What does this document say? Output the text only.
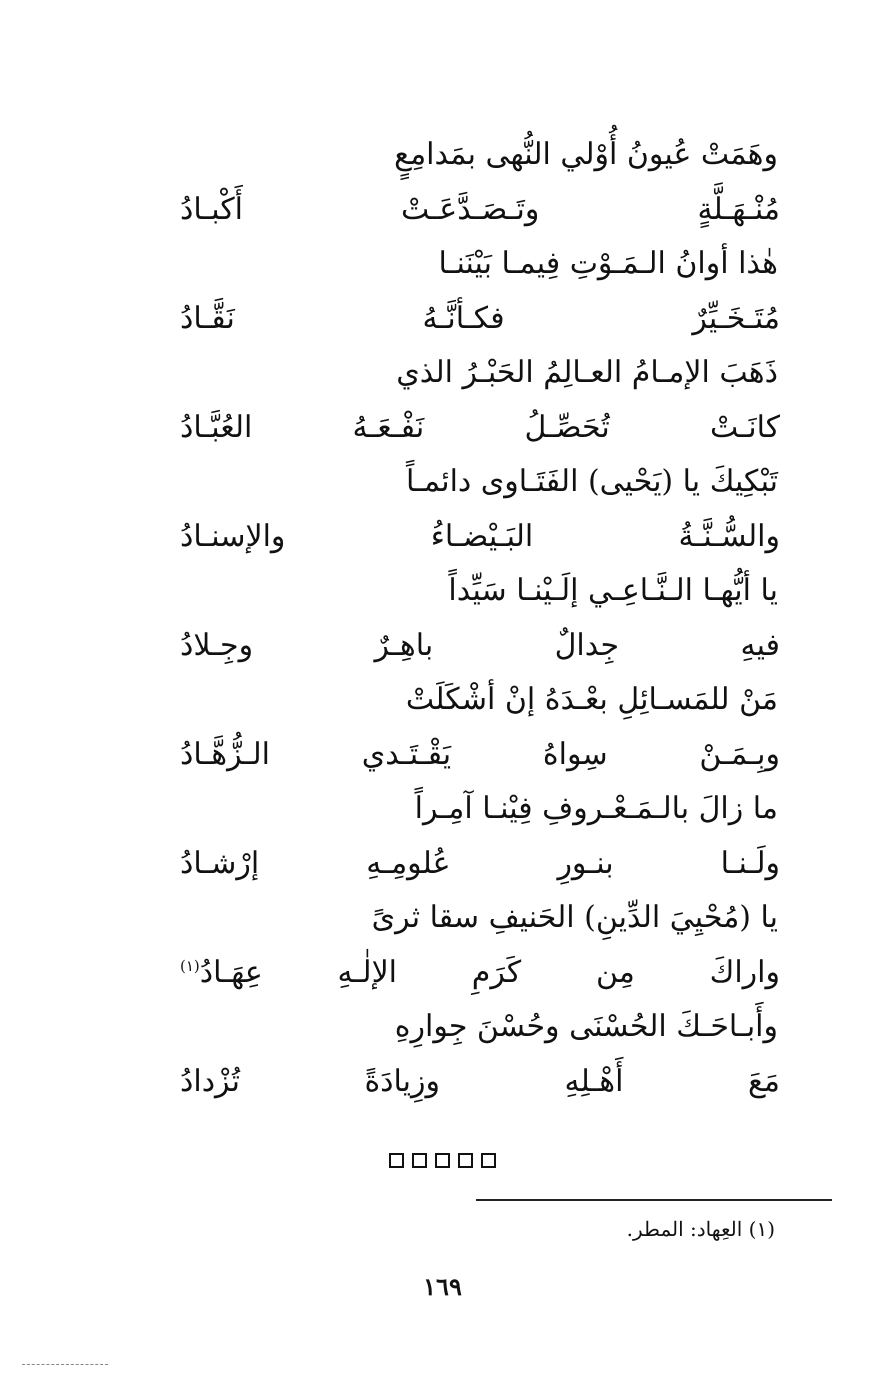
وهَمَتْ عُيونُ أُوْلي النُّهى بمَدامِعٍ
مُنْـهَـلَّةٍ وتَـصَـدَّعَـتْ أَكْبـادُ
هٰذا أوانُ الـمَـوْتِ فِيمـا بَيْنَنـا
مُتَـخَـيِّرٌ فكـأنَّـهُ نَقَّـادُ
ذَهَبَ الإمـامُ العـالِمُ الحَبْـرُ الذي
كانَـتْ تُحَصِّـلُ نَفْـعَـهُ العُبَّـادُ
تَبْكِيكَ يا (يَحْيى) الفَتَـاوى دائمـاً
والسُّـنَّـةُ البَـيْضـاءُ والإسنـادُ
يا أيُّهـا الـنَّـاعِـي إلَـيْنـا سَيِّداً
فيهِ جِدالٌ باهِـرٌ وجِـلادُ
مَنْ للمَسـائِلِ بعْـدَهُ إنْ أشْكَلَتْ
وبِـمَـنْ سِواهُ يَقْـتَـدي الـزُّهَّـادُ
ما زالَ بالـمَـعْـروفِ فِيْنـا آمِـراً
ولَـنـا بنـورِ عُلومِـهِ إرْشـادُ
يا (مُحْيِيَ الدِّينِ) الحَنيفِ سقا ثرىً
واراكَ مِن كَرَمِ الإلٰـهِ عِهَـادُ$^{(١)}$
وأَبـاحَـكَ الحُسْنَى وحُسْنَ جِوارِهِ
مَعَ أَهْـلِهِ وزِيادَةً تُزْدادُ
(١) العِهاد: المطر.
١٦٩
